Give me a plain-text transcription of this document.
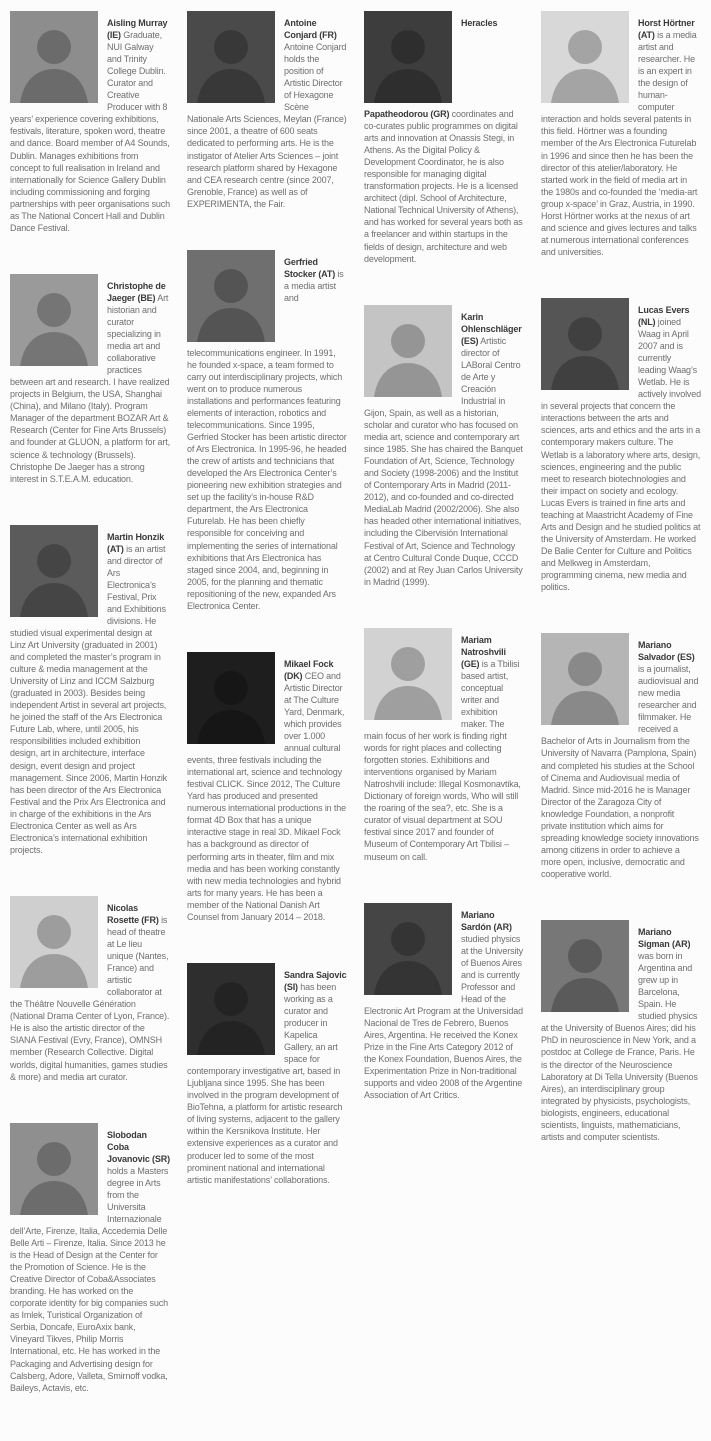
Aisling Murray (IE) Graduate, NUI Galway and Trinity College Dublin. Curator and Creative Producer with 8 years’ experience covering exhibitions, festivals, literature, spoken word, theatre and dance. Board member of A4 Sounds, Dublin. Manages exhibitions from concept to full realisation in Ireland and internationally for Science Gallery Dublin including commissioning and forging partnerships with peer organisations such as The National Concert Hall and Dublin Dance Festival.

Christophe de Jaeger (BE) Art historian and curator specializing in media art and collaborative practices between art and research. I have realized projects in Belgium, the USA, Shanghai (China), and Milano (Italy). Program Manager of the department BOZAR Art & Research (Center for Fine Arts Brussels) and founder at GLUON, a platform for art, science & technology (Brussels). Christophe De Jaeger has a strong interest in S.T.E.A.M. education.

Martin Honzik (AT) is an artist and director of Ars Electronica’s Festival, Prix and Exhibitions divisions. He studied visual experimental design at Linz Art University (graduated in 2001) and completed the master’s program in culture & media management at the University of Linz and ICCM Salzburg (graduated in 2003). Besides being independent Artist in several art projects, he joined the staff of the Ars Electronica Future Lab, where, until 2005, his responsibilities included exhibition design, art in architecture, interface design, event design and project management. Since 2006, Martin Honzik has been director of the Ars Electronica Festival and the Prix Ars Electronica and in charge of the exhibitions in the Ars Electronica Center as well as Ars Electronica’s international exhibition projects.

Nicolas Rosette (FR) is head of theatre at Le lieu unique (Nantes, France) and artistic collaborator at the Théâtre Nouvelle Génération (National Drama Center of Lyon, France). He is also the artistic director of the SIANA Festival (Evry, France), OMNSH member (Research Collective. Digital worlds, digital humanities, games studies & more) and media art curator.

Slobodan Coba Jovanovic (SR) holds a Masters degree in Arts from the Universita Internazionale dell’Arte, Firenze, Italia, Accedemia Delle Belle Arti – Firenze, Italia. Since 2013 he is the Head of Design at the Center for the Promotion of Science. He is the Creative Director of Coba&Associates branding. He has worked on the corporate identity for big companies such as Imlek, Turistical Organization of Serbia, Doncafe, EuroAxix bank, Vineyard Tikves, Philip Morris International, etc. He has worked in the Packaging and Advertising design for Calsberg, Adore, Valleta, Smirnoff vodka, Baileys, Actavis, etc.

Antoine Conjard (FR) Antoine Conjard holds the position of Artistic Director of Hexagone Scène Nationale Arts Sciences, Meylan (France) since 2001, a theatre of 600 seats dedicated to performing arts. He is the instigator of Atelier Arts Sciences – joint research platform shared by Hexagone and CEA research centre (since 2007, Grenoble, France) as well as of EXPERIMENTA, the Fair.

Gerfried Stocker (AT) is a media artist and telecommunications engineer. In 1991, he founded x-space, a team formed to carry out interdisciplinary projects, which went on to produce numerous installations and performances featuring elements of interaction, robotics and telecommunications. Since 1995, Gerfried Stocker has been artistic director of Ars Electronica. In 1995-96, he headed the crew of artists and technicians that developed the Ars Electronica Center’s pioneering new exhibition strategies and set up the facility’s in-house R&D department, the Ars Electronica Futurelab. He has been chiefly responsible for conceiving and implementing the series of international exhibitions that Ars Electronica has staged since 2004, and, beginning in 2005, for the planning and thematic repositioning of the new, expanded Ars Electronica Center.

Mikael Fock (DK) CEO and Artistic Director at The Culture Yard, Denmark, which provides over 1.000 annual cultural events, three festivals including the international art, science and technology festival CLICK. Since 2012, The Culture Yard has produced and presented numerous international productions in the format 4D Box that has a unique interactive stage in real 3D. Mikael Fock has a background as director of performing arts in theater, film and mix media and has been working constantly with new media technologies and hybrid arts for many years. He has been a member of the National Danish Art Counsel from January 2014 – 2018.

Sandra Sajovic (SI) has been working as a curator and producer in Kapelica Gallery, an art space for contemporary investigative art, based in Ljubljana since 1995. She has been involved in the program development of BioTehna, a platform for artistic research of living systems, adjacent to the gallery within the Kersnikova Institute. Her extensive experiences as a curator and producer led to some of the most prominent national and international artistic manifestations’ collaborations.

Heracles Papatheodorou (GR) coordinates and co-curates public programmes on digital arts and innovation at Onassis Stegi, in Athens. As the Digital Policy & Development Coordinator, he is also responsible for managing digital transformation projects. He is a licensed architect (dipl. School of Architecture, National Technical University of Athens), and has worked for several years both as a freelancer and within startups in the fields of design, architecture and web development.

Karin Ohlenschläger (ES) Artistic director of LABoral Centro de Arte y Creación Industrial in Gijon, Spain, as well as a historian, scholar and curator who has focused on media art, science and contemporary art since 1985. She has chaired the Banquet Foundation of Art, Science, Technology and Society (1998-2006) and the Institut of Contemporary Arts in Madrid (2011-2012), and co-founded and co-directed MediaLab Madrid (2002/2006). She also has headed other international initiatives, including the Cibervisión International Festival of Art, Science and Technology at Centro Cultural Conde Duque, CCCD (2002) and at Rey Juan Carlos University in Madrid (1999).

Mariam Natroshvili (GE) is a Tbilisi based artist, conceptual writer and exhibition maker. The main focus of her work is finding right words for right places and collecting forgotten stories. Exhibitions and interventions organised by Mariam Natroshvili include: Illegal Kosmonavtika, Dictionary of foreign words, Who will still the roaring of the sea?, etc. She is a curator of visual department at SOU festival since 2017 and founder of Museum of Contemporary Art Tbilisi – museum on call.

Mariano Sardón (AR) studied physics at the University of Buenos Aires and is currently Professor and Head of the Electronic Art Program at the Universidad Nacional de Tres de Febrero, Buenos Aires, Argentina. He received the Konex Prize in the Fine Arts Category 2012 of the Konex Foundation, Buenos Aires, the Experimentation Prize in Non-traditional supports and video 2008 of the Argentine Association of Art Critics.

Horst Hörtner (AT) is a media artist and researcher. He is an expert in the design of human-computer interaction and holds several patents in this field. Hörtner was a founding member of the Ars Electronica Futurelab in 1996 and since then he has been the director of this atelier/laboratory. He started work in the field of media art in the 1980s and co-founded the ‘media-art group x-space’ in Graz, Austria, in 1990. Horst Hörtner works at the nexus of art and science and gives lectures and talks at numerous international conferences and universities.

Lucas Evers (NL) joined Waag in April 2007 and is currently leading Waag’s Wetlab. He is actively involved in several projects that concern the interactions between the arts and sciences, arts and ethics and the arts in a contemporary makers culture. The Wetlab is a laboratory where arts, design, sciences, engineering and the public meet to research biotechnologies and their impact on society and ecology. Lucas Evers is trained in fine arts and teaching at Maastricht Academy of Fine Arts and Design and he studied politics at the University of Amsterdam. He worked De Balie Center for Culture and Politics and Melkweg in Amsterdam, programming cinema, new media and politics.

Mariano Salvador (ES) is a journalist, audiovisual and new media researcher and filmmaker. He received a Bachelor of Arts in Journalism from the University of Navarra (Pamplona, Spain) and completed his studies at the School of Cinema and Audiovisual media of Madrid. Since mid-2016 he is Manager Director of the Zaragoza City of knowledge Foundation, a nonprofit private institution which aims for spreading knowledge society innovations among citizens in order to achieve a more open, inclusive, democratic and cooperative world.

Mariano Sigman (AR) was born in Argentina and grew up in Barcelona, Spain. He studied physics at the University of Buenos Aires; did his PhD in neuroscience in New York, and a postdoc at College de France, Paris. He is the director of the Neuroscience Laboratory at Di Tella University (Buenos Aires), an interdisciplinary group integrated by physicists, psychologists, biologists, engineers, educational scientists, linguists, mathematicians, artists and computer scientists.
